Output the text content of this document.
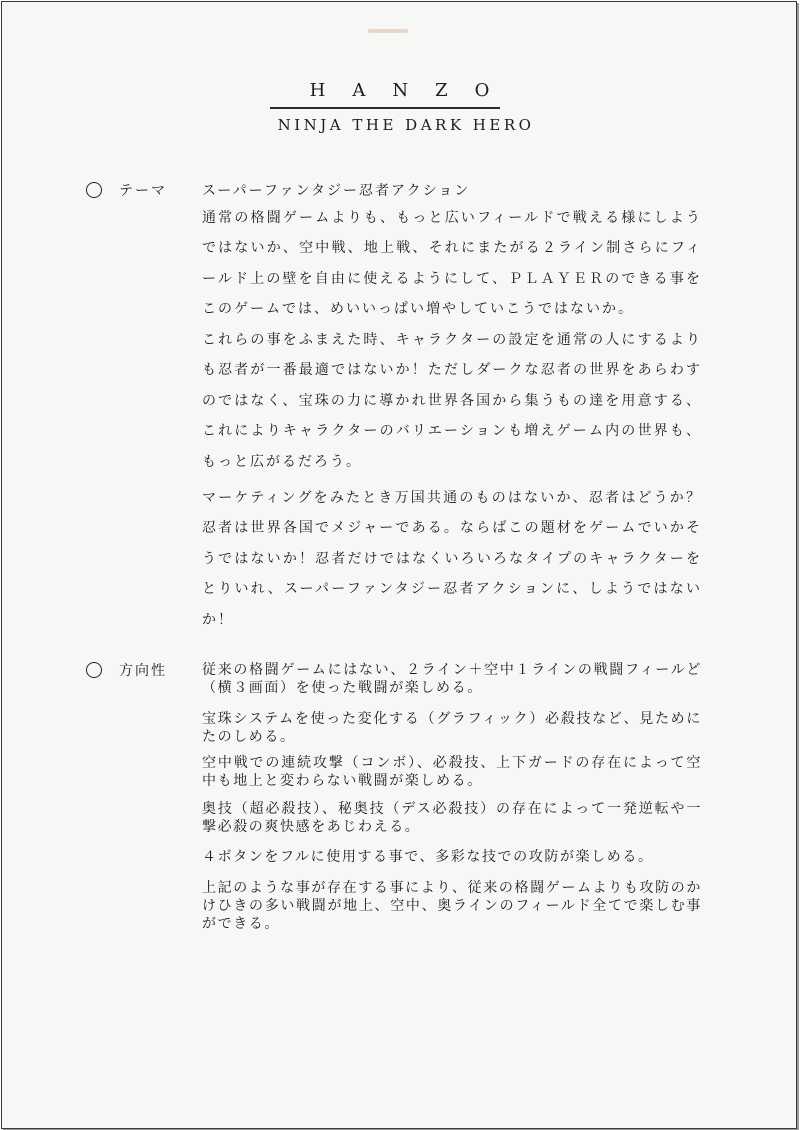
HANZO
NINJA THE DARK HERO
テーマ	スーパーファンタジー忍者アクション
通常の格闘ゲームよりも、もっと広いフィールドで戦える様にしようではないか、空中戦、地上戦、それにまたがる２ライン制さらにフィールド上の壁を自由に使えるようにして、ＰＬＡＹＥＲのできる事をこのゲームでは、めいいっぱい増やしていこうではないか。
これらの事をふまえた時、キャラクターの設定を通常の人にするよりも忍者が一番最適ではないか！ただしダークな忍者の世界をあらわすのではなく、宝珠の力に導かれ世界各国から集うもの達を用意する、これによりキャラクターのバリエーションも増えゲーム内の世界も、もっと広がるだろう。
マーケティングをみたとき万国共通のものはないか、忍者はどうか？忍者は世界各国でメジャーである。ならばこの題材をゲームでいかそうではないか！忍者だけではなくいろいろなタイプのキャラクターをとりいれ、スーパーファンタジー忍者アクションに、しようではないか！
方向性	従来の格闘ゲームにはない、２ライン＋空中１ラインの戦闘フィールど（横３画面）を使った戦闘が楽しめる。
宝珠システムを使った変化する（グラフィック）必殺技など、見ためにたのしめる。
空中戦での連続攻撃（コンボ）、必殺技、上下ガードの存在によって空中も地上と変わらない戦闘が楽しめる。
奥技（超必殺技）、秘奥技（デス必殺技）の存在によって一発逆転や一撃必殺の爽快感をあじわえる。
４ボタンをフルに使用する事で、多彩な技での攻防が楽しめる。
上記のような事が存在する事により、従来の格闘ゲームよりも攻防のかけひきの多い戦闘が地上、空中、奥ラインのフィールド全てで楽しむ事ができる。
